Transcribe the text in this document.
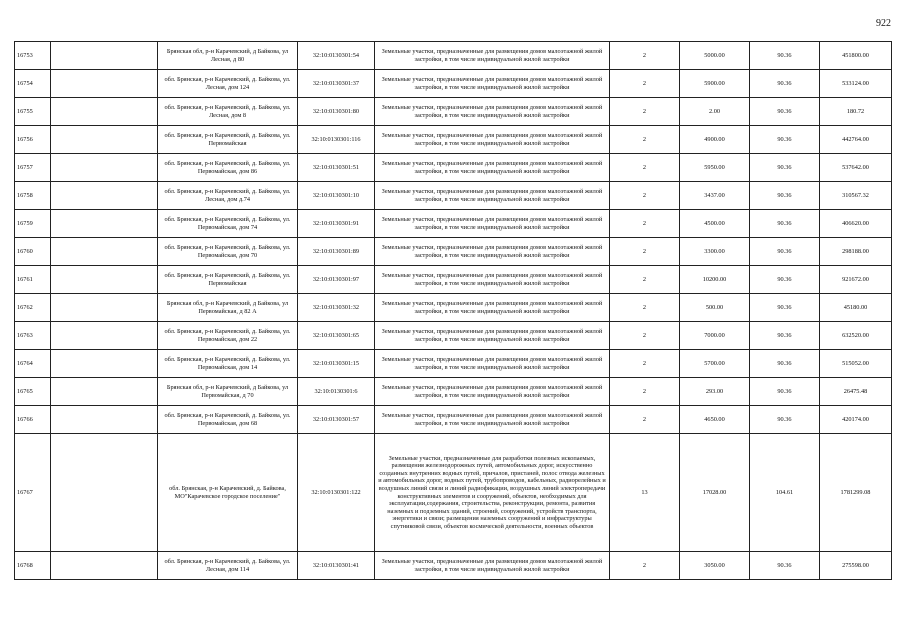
922
16753		Брянская обл, р-н Карачевский, д Байкова, ул Лесная, д 80	32:10:0130301:54	Земельные участки, предназначенные для размещения домов малоэтажной жилой застройки, в том числе индивидуальной жилой застройки	2	5000.00	90.36	451800.00
16754		обл. Брянская, р-н Карачевский, д. Байкова, ул. Лесная, дом 124	32:10:0130301:37	Земельные участки, предназначенные для размещения домов малоэтажной жилой застройки, в том числе индивидуальной жилой застройки	2	5900.00	90.36	533124.00
16755		обл. Брянская, р-н Карачевский, д. Байкова, ул. Лесная, дом 8	32:10:0130301:80	Земельные участки, предназначенные для размещения домов малоэтажной жилой застройки, в том числе индивидуальной жилой застройки	2	2.00	90.36	180.72
16756		обл. Брянская, р-н Карачевский, д. Байкова, ул. Первомайская	32:10:0130301:116	Земельные участки, предназначенные для размещения домов малоэтажной жилой застройки, в том числе индивидуальной жилой застройки	2	4900.00	90.36	442764.00
16757		обл. Брянская, р-н Карачевский, д. Байкова, ул. Первомайская, дом 86	32:10:0130301:51	Земельные участки, предназначенные для размещения домов малоэтажной жилой застройки, в том числе индивидуальной жилой застройки	2	5950.00	90.36	537642.00
16758		обл. Брянская, р-н Карачевский, д. Байкова, ул. Лесная, дом д.74	32:10:0130301:10	Земельные участки, предназначенные для размещения домов малоэтажной жилой застройки, в том числе индивидуальной жилой застройки	2	3437.00	90.36	310567.32
16759		обл. Брянская, р-н Карачевский, д. Байкова, ул. Первомайская, дом 74	32:10:0130301:91	Земельные участки, предназначенные для размещения домов малоэтажной жилой застройки, в том числе индивидуальной жилой застройки	2	4500.00	90.36	406620.00
16760		обл. Брянская, р-н Карачевский, д. Байкова, ул. Первомайская, дом 70	32:10:0130301:89	Земельные участки, предназначенные для размещения домов малоэтажной жилой застройки, в том числе индивидуальной жилой застройки	2	3300.00	90.36	298188.00
16761		обл. Брянская, р-н Карачевский, д. Байкова, ул. Первомайская	32:10:0130301:97	Земельные участки, предназначенные для размещения домов малоэтажной жилой застройки, в том числе индивидуальной жилой застройки	2	10200.00	90.36	921672.00
16762		Брянская обл, р-н Карачевский, д Байкова, ул Первомайская, д 82 А	32:10:0130301:32	Земельные участки, предназначенные для размещения домов малоэтажной жилой застройки, в том числе индивидуальной жилой застройки	2	500.00	90.36	45180.00
16763		обл. Брянская, р-н Карачевский, д. Байкова, ул. Первомайская, дом 22	32:10:0130301:65	Земельные участки, предназначенные для размещения домов малоэтажной жилой застройки, в том числе индивидуальной жилой застройки	2	7000.00	90.36	632520.00
16764		обл. Брянская, р-н Карачевский, д. Байкова, ул. Первомайская, дом 14	32:10:0130301:15	Земельные участки, предназначенные для размещения домов малоэтажной жилой застройки, в том числе индивидуальной жилой застройки	2	5700.00	90.36	515052.00
16765		Брянская обл, р-н Карачевский, д Байкова, ул Первомайская, д 70	32:10:0130301:6	Земельные участки, предназначенные для размещения домов малоэтажной жилой застройки, в том числе индивидуальной жилой застройки	2	293.00	90.36	26475.48
16766		обл. Брянская, р-н Карачевский, д. Байкова, ул. Первомайская, дом 68	32:10:0130301:57	Земельные участки, предназначенные для размещения домов малоэтажной жилой застройки, в том числе индивидуальной жилой застройки	2	4650.00	90.36	420174.00
16767		обл. Брянская, р-н Карачевский, д. Байкова, МО"Карачевское городское поселение"	32:10:0130301:122	Земельные участки, предназначенные для разработки полезных ископаемых, размещения железнодорожных путей, автомобильных дорог, искусственно созданных внутренних водных путей, причалов, пристаней, полос отвода железных и автомобильных дорог, водных путей, трубопроводов, кабельных, радиорелейных и воздушных линий связи и линий радиофикации, воздушных линий электропередачи конструктивных элементов и сооружений, объектов, необходимых для эксплуатации,содержания, строительства, реконструкции, ремонта, развития наземных и подземных зданий, строений, сооружений, устройств транспорта, энергетики и связи; размещения наземных сооружений и инфраструктуры спутниковой связи, объектов космической деятельности, военных объектов	13	17028.00	104.61	1781299.08
16768		обл. Брянская, р-н Карачевский, д. Байкова, ул. Лесная, дом 114	32:10:0130301:41	Земельные участки, предназначенные для размещения домов малоэтажной жилой застройки, в том числе индивидуальной жилой застройки	2	3050.00	90.36	275598.00
